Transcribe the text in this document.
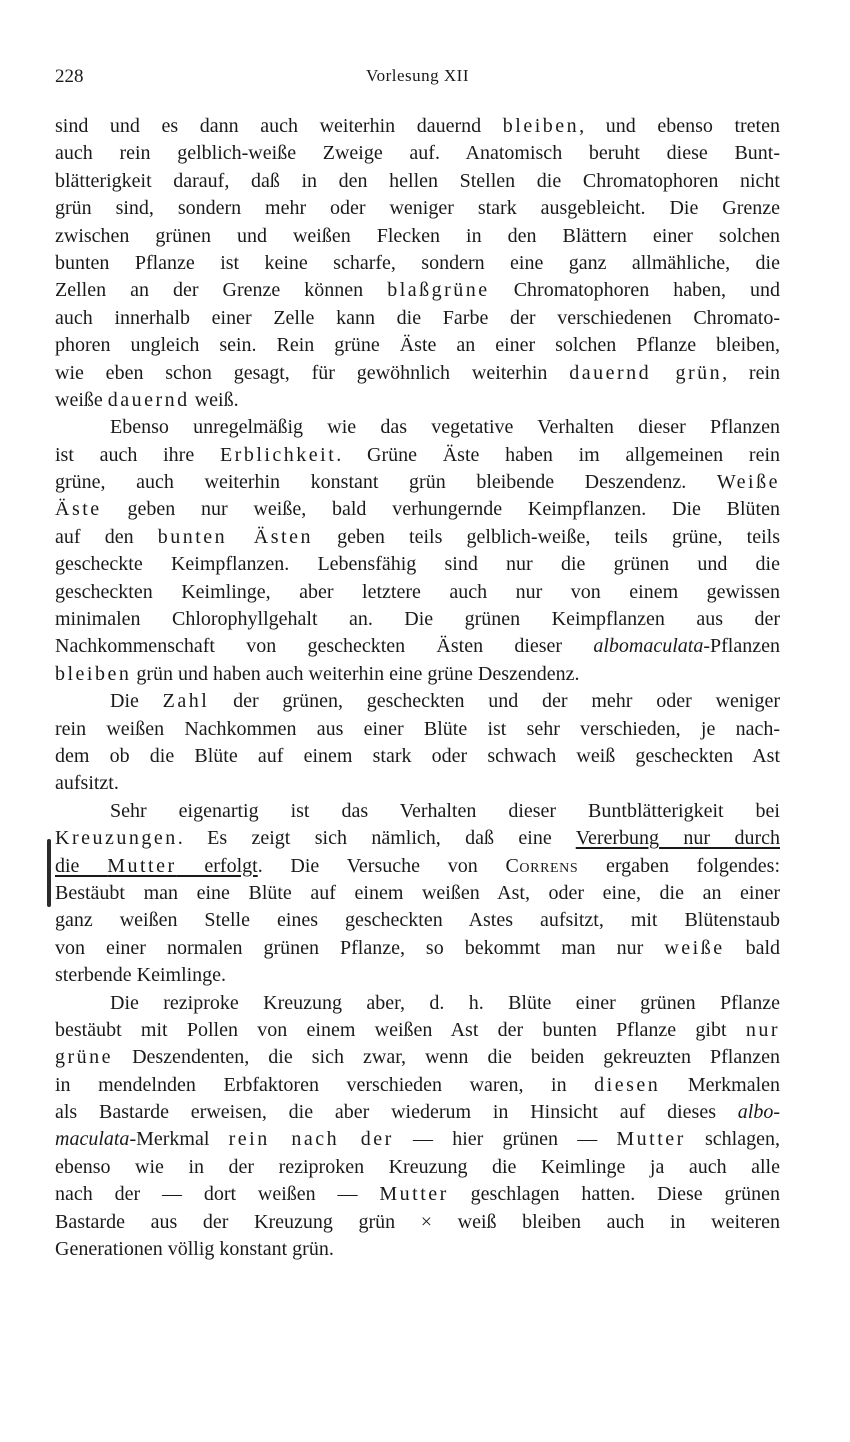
228	Vorlesung XII
sind und es dann auch weiterhin dauernd bleiben, und ebenso treten
auch rein gelblich-weiße Zweige auf. Anatomisch beruht diese Bunt-
blätterigkeit darauf, daß in den hellen Stellen die Chromatophoren nicht
grün sind, sondern mehr oder weniger stark ausgebleicht. Die Grenze
zwischen grünen und weißen Flecken in den Blättern einer solchen
bunten Pflanze ist keine scharfe, sondern eine ganz allmähliche, die
Zellen an der Grenze können blaßgrüne Chromatophoren haben, und
auch innerhalb einer Zelle kann die Farbe der verschiedenen Chromato-
phoren ungleich sein. Rein grüne Äste an einer solchen Pflanze bleiben,
wie eben schon gesagt, für gewöhnlich weiterhin dauernd grün, rein
weiße dauernd weiß.
Ebenso unregelmäßig wie das vegetative Verhalten dieser Pflanzen
ist auch ihre Erblichkeit. Grüne Äste haben im allgemeinen rein
grüne, auch weiterhin konstant grün bleibende Deszendenz. Weiße
Äste geben nur weiße, bald verhungernde Keimpflanzen. Die Blüten
auf den bunten Ästen geben teils gelblich-weiße, teils grüne, teils
gescheckte Keimpflanzen. Lebensfähig sind nur die grünen und die
gescheckten Keimlinge, aber letztere auch nur von einem gewissen
minimalen Chlorophyllgehalt an. Die grünen Keimpflanzen aus der
Nachkommenschaft von gescheckten Ästen dieser albomaculata-Pflanzen
bleiben grün und haben auch weiterhin eine grüne Deszendenz.
Die Zahl der grünen, gescheckten und der mehr oder weniger
rein weißen Nachkommen aus einer Blüte ist sehr verschieden, je nach-
dem ob die Blüte auf einem stark oder schwach weiß gescheckten Ast
aufsitzt.
Sehr eigenartig ist das Verhalten dieser Buntblätterigkeit bei
Kreuzungen. Es zeigt sich nämlich, daß eine Vererbung nur durch
die Mutter erfolgt. Die Versuche von Correns ergaben folgendes:
Bestäubt man eine Blüte auf einem weißen Ast, oder eine, die an einer
ganz weißen Stelle eines gescheckten Astes aufsitzt, mit Blütenstaub
von einer normalen grünen Pflanze, so bekommt man nur weiße bald
sterbende Keimlinge.
Die reziproke Kreuzung aber, d. h. Blüte einer grünen Pflanze
bestäubt mit Pollen von einem weißen Ast der bunten Pflanze gibt nur
grüne Deszendenten, die sich zwar, wenn die beiden gekreuzten Pflanzen
in mendelnden Erbfaktoren verschieden waren, in diesen Merkmalen
als Bastarde erweisen, die aber wiederum in Hinsicht auf dieses albo-
maculata-Merkmal rein nach der — hier grünen — Mutter schlagen,
ebenso wie in der reziproken Kreuzung die Keimlinge ja auch alle
nach der — dort weißen — Mutter geschlagen hatten. Diese grünen
Bastarde aus der Kreuzung grün × weiß bleiben auch in weiteren
Generationen völlig konstant grün.
